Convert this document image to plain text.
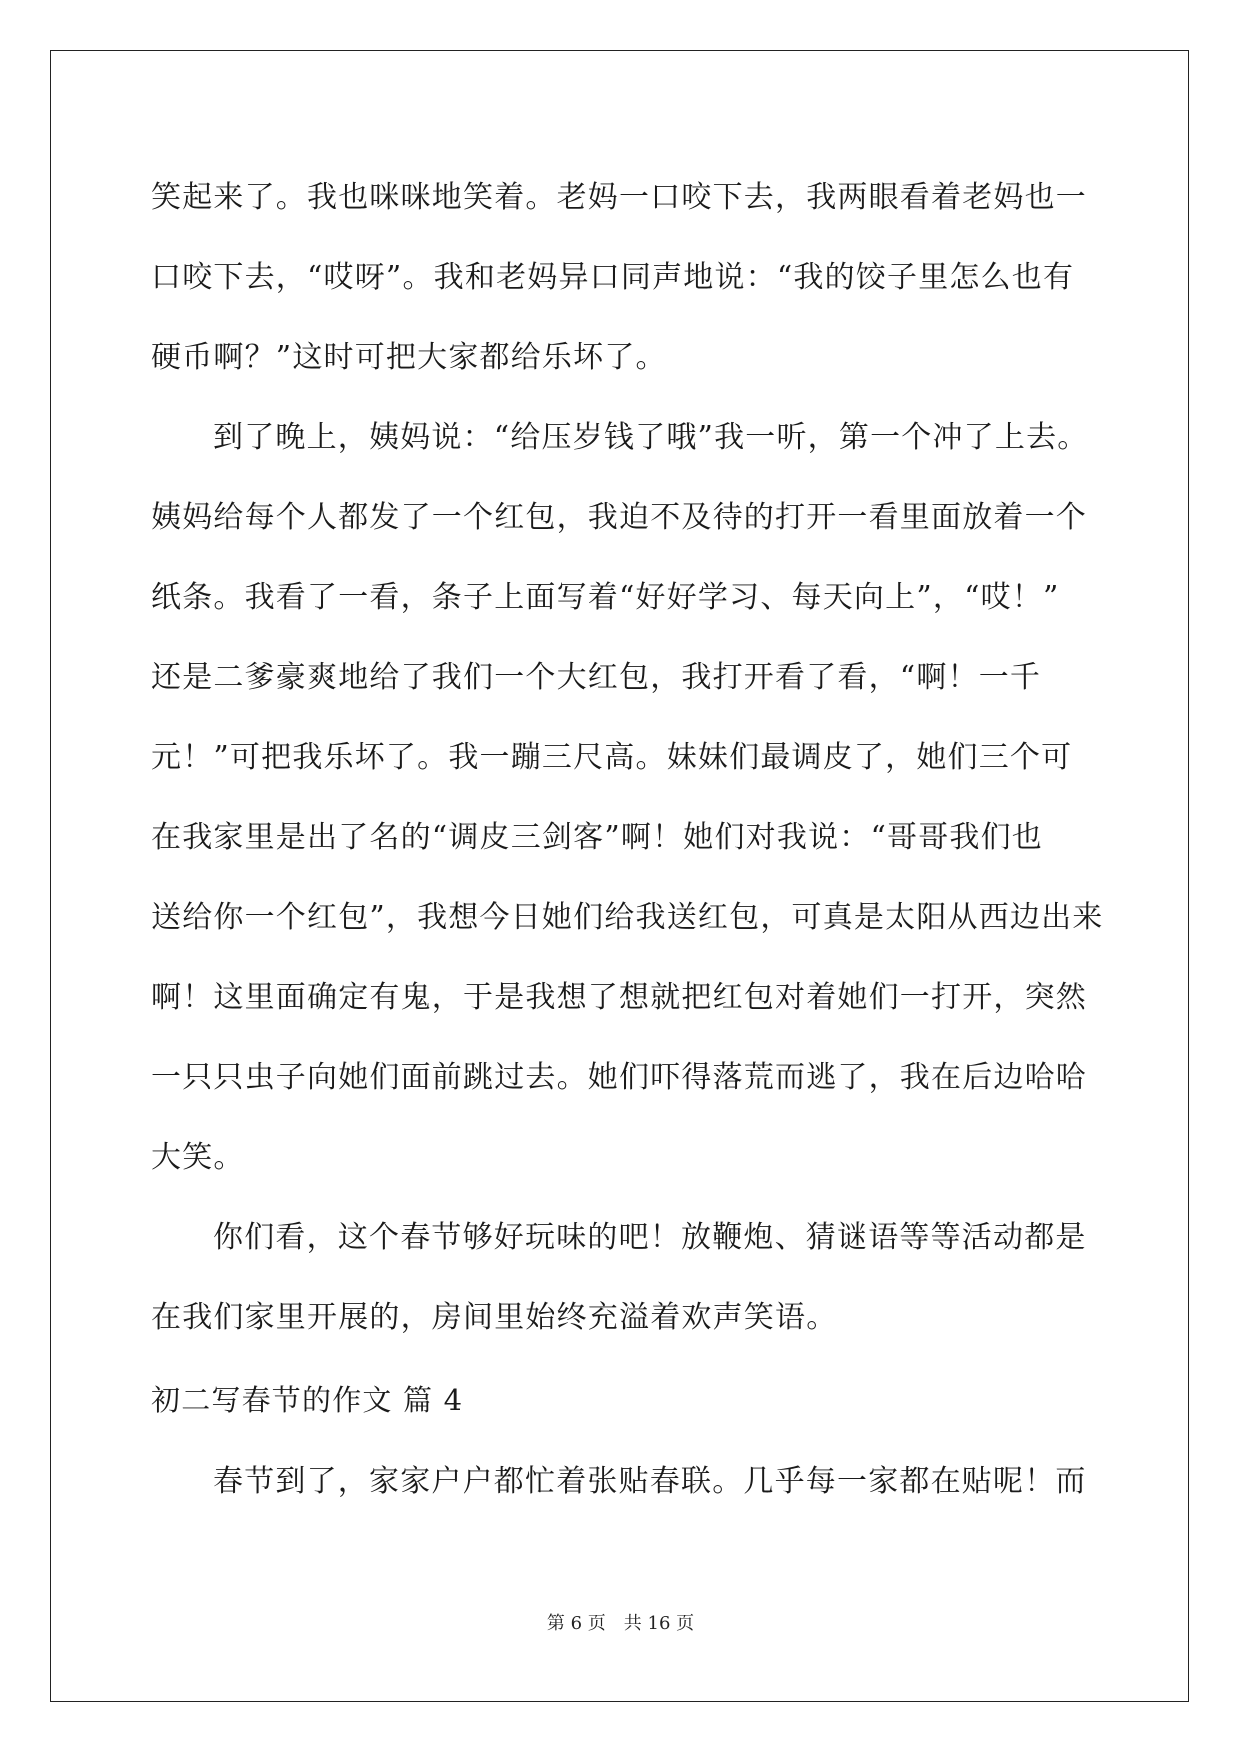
笑起来了。我也咪咪地笑着。老妈一口咬下去，我两眼看着老妈也一
口咬下去，“哎呀”。我和老妈异口同声地说：“我的饺子里怎么也有
硬币啊？”这时可把大家都给乐坏了。
到了晚上，姨妈说：“给压岁钱了哦”我一听，第一个冲了上去。
姨妈给每个人都发了一个红包，我迫不及待的打开一看里面放着一个
纸条。我看了一看，条子上面写着“好好学习、每天向上”，“哎！”
还是二爹豪爽地给了我们一个大红包，我打开看了看，“啊！一千
元！”可把我乐坏了。我一蹦三尺高。妹妹们最调皮了，她们三个可
在我家里是出了名的“调皮三剑客”啊！她们对我说：“哥哥我们也
送给你一个红包”，我想今日她们给我送红包，可真是太阳从西边出来
啊！这里面确定有鬼，于是我想了想就把红包对着她们一打开，突然
一只只虫子向她们面前跳过去。她们吓得落荒而逃了，我在后边哈哈
大笑。
你们看，这个春节够好玩味的吧！放鞭炮、猜谜语等等活动都是
在我们家里开展的，房间里始终充溢着欢声笑语。
初二写春节的作文 篇 4
春节到了，家家户户都忙着张贴春联。几乎每一家都在贴呢！而
第 6 页 共 16 页
